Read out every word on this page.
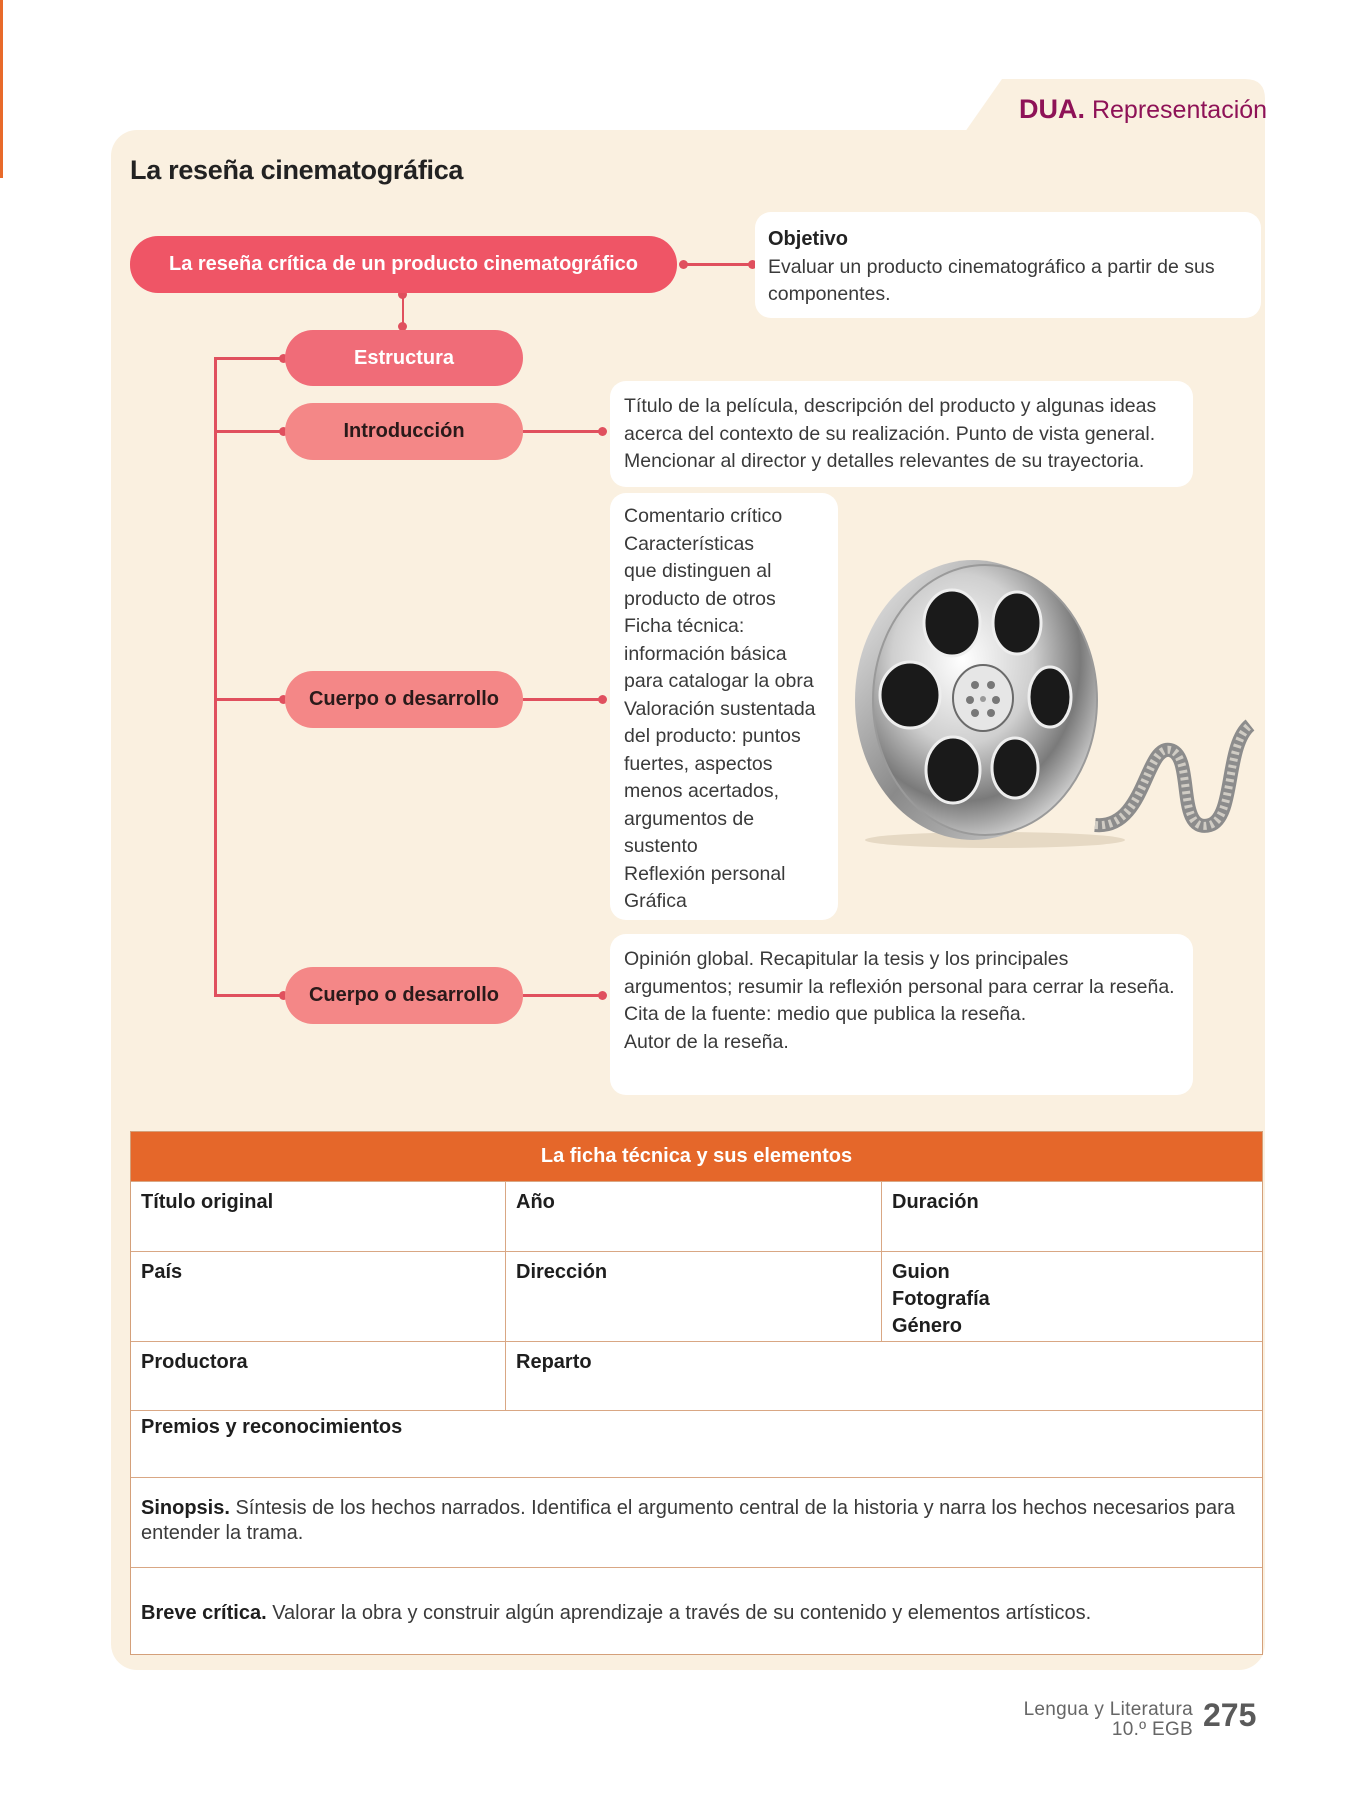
DUA. Representación
La reseña cinematográfica
La reseña crítica de un producto cinematográfico
Estructura
Introducción
Cuerpo o desarrollo
Cuerpo o desarrollo
Objetivo
Evaluar un producto cinematográfico a partir de sus componentes.
Título de la película, descripción del producto y algunas ideas acerca del contexto de su realización. Punto de vista general. Mencionar al director y detalles relevantes de su trayectoria.
Comentario crítico
Características
que distinguen al
producto de otros
Ficha técnica:
información básica
para catalogar la obra
Valoración sustentada
del producto: puntos
fuertes, aspectos
menos acertados,
argumentos de
sustento
Reflexión personal
Gráfica
Opinión global. Recapitular la tesis y los principales argumentos; resumir la reflexión personal para cerrar la reseña.
Cita de la fuente: medio que publica la reseña.
Autor de la reseña.
La ficha técnica y sus elementos
Título original	Año	Duración
País	Dirección	Guion
Fotografía
Género
Productora	Reparto
Premios y reconocimientos
Sinopsis. Síntesis de los hechos narrados. Identifica el argumento central de la historia y narra los hechos necesarios para entender la trama.
Breve crítica. Valorar la obra y construir algún aprendizaje a través de su contenido y elementos artísticos.
Lengua y Literatura
10.º EGB 275
